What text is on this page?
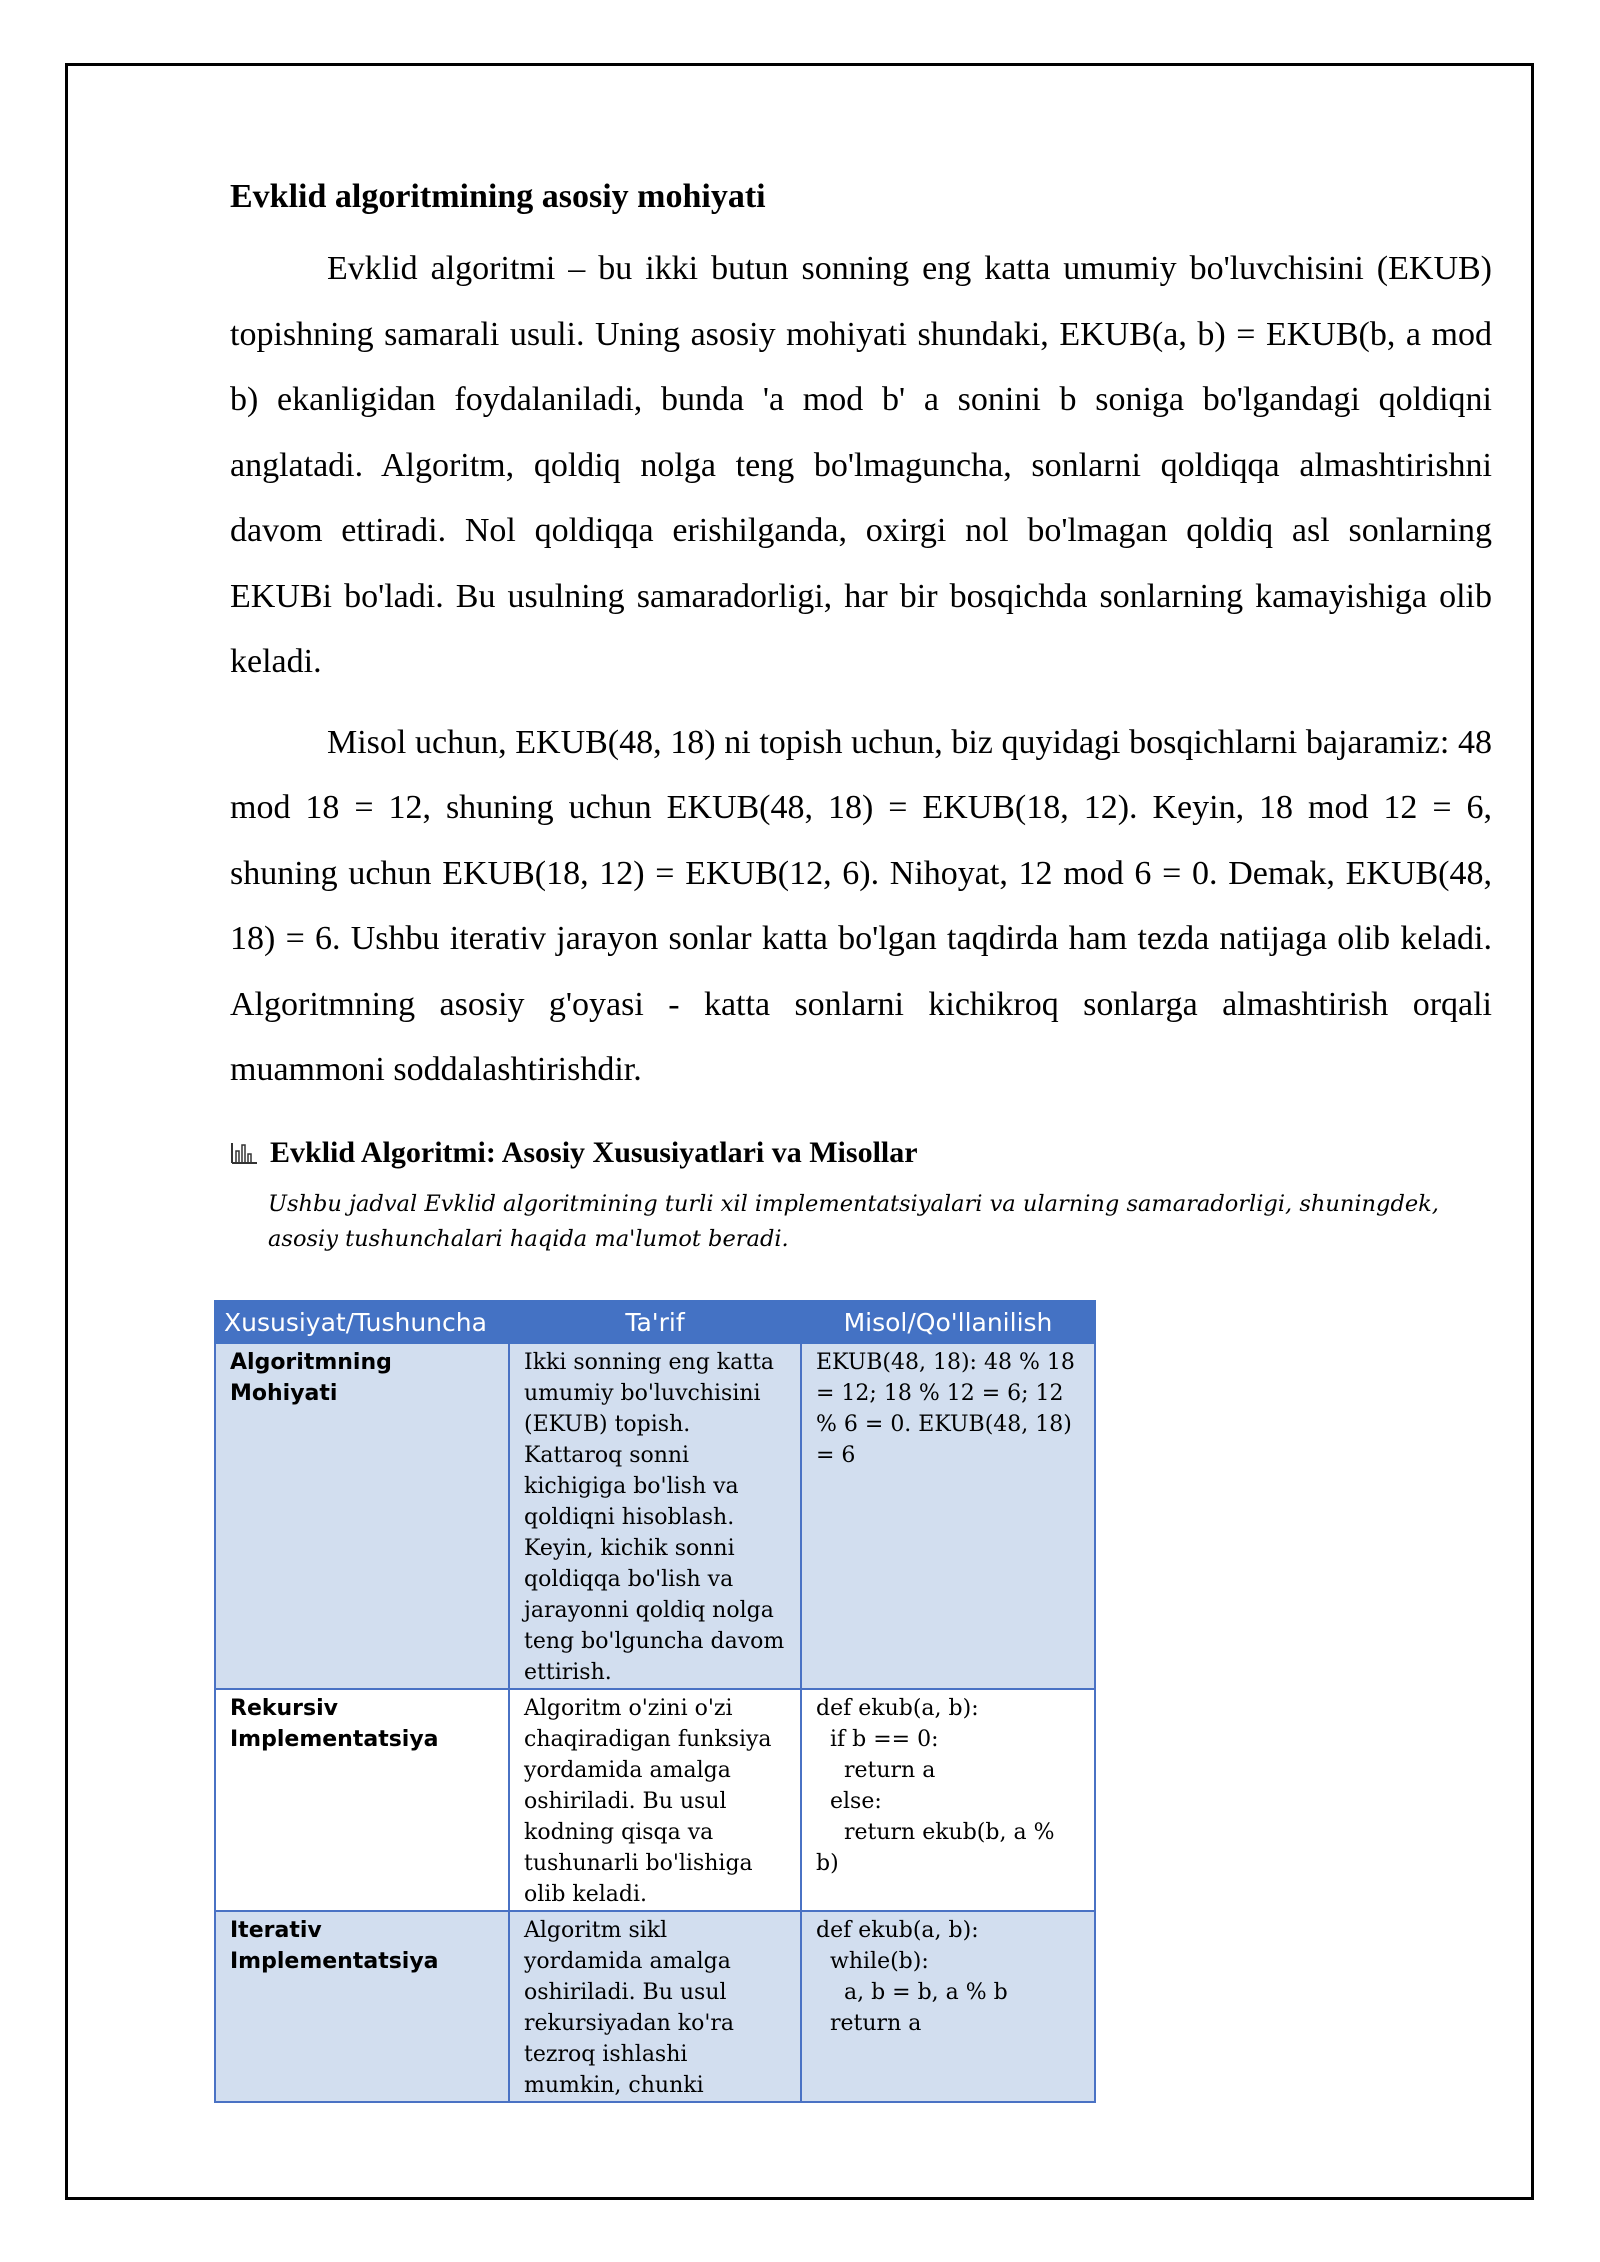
Evklid algoritmining asosiy mohiyati

Evklid algoritmi – bu ikki butun sonning eng katta umumiy bo'luvchisini (EKUB) topishning samarali usuli. Uning asosiy mohiyati shundaki, EKUB(a, b) = EKUB(b, a mod b) ekanligidan foydalaniladi, bunda 'a mod b' a sonini b soniga bo'lgandagi qoldiqni anglatadi. Algoritm, qoldiq nolga teng bo'lmaguncha, sonlarni qoldiqqa almashtirishni davom ettiradi. Nol qoldiqqa erishilganda, oxirgi nol bo'lmagan qoldiq asl sonlarning EKUBi bo'ladi. Bu usulning samaradorligi, har bir bosqichda sonlarning kamayishiga olib keladi.

Misol uchun, EKUB(48, 18) ni topish uchun, biz quyidagi bosqichlarni bajaramiz: 48 mod 18 = 12, shuning uchun EKUB(48, 18) = EKUB(18, 12). Keyin, 18 mod 12 = 6, shuning uchun EKUB(18, 12) = EKUB(12, 6). Nihoyat, 12 mod 6 = 0. Demak, EKUB(48, 18) = 6. Ushbu iterativ jarayon sonlar katta bo'lgan taqdirda ham tezda natijaga olib keladi. Algoritmning asosiy g'oyasi - katta sonlarni kichikroq sonlarga almashtirish orqali muammoni soddalashtirishdir.

Evklid Algoritmi: Asosiy Xususiyatlari va Misollar
Ushbu jadval Evklid algoritmining turli xil implementatsiyalari va ularning samaradorligi, shuningdek, asosiy tushunchalari haqida ma'lumot beradi.
Xususiyat/Tushuncha	Ta'rif	Misol/Qo'llanilish
Algoritmning Mohiyati	Ikki sonning eng katta umumiy bo'luvchisini (EKUB) topish. Kattaroq sonni kichigiga bo'lish va qoldiqni hisoblash. Keyin, kichik sonni qoldiqqa bo'lish va jarayonni qoldiq nolga teng bo'lguncha davom ettirish.	EKUB(48, 18): 48 % 18 = 12; 18 % 12 = 6; 12 % 6 = 0. EKUB(48, 18) = 6
Rekursiv Implementatsiya	Algoritm o'zini o'zi chaqiradigan funksiya yordamida amalga oshiriladi. Bu usul kodning qisqa va tushunarli bo'lishiga olib keladi.	def ekub(a, b):
if b == 0:
return a
else:
return ekub(b, a % b)
Iterativ Implementatsiya	Algoritm sikl yordamida amalga oshiriladi. Bu usul rekursiyadan ko'ra tezroq ishlashi mumkin, chunki	def ekub(a, b):
while(b):
a, b = b, a % b
return a
